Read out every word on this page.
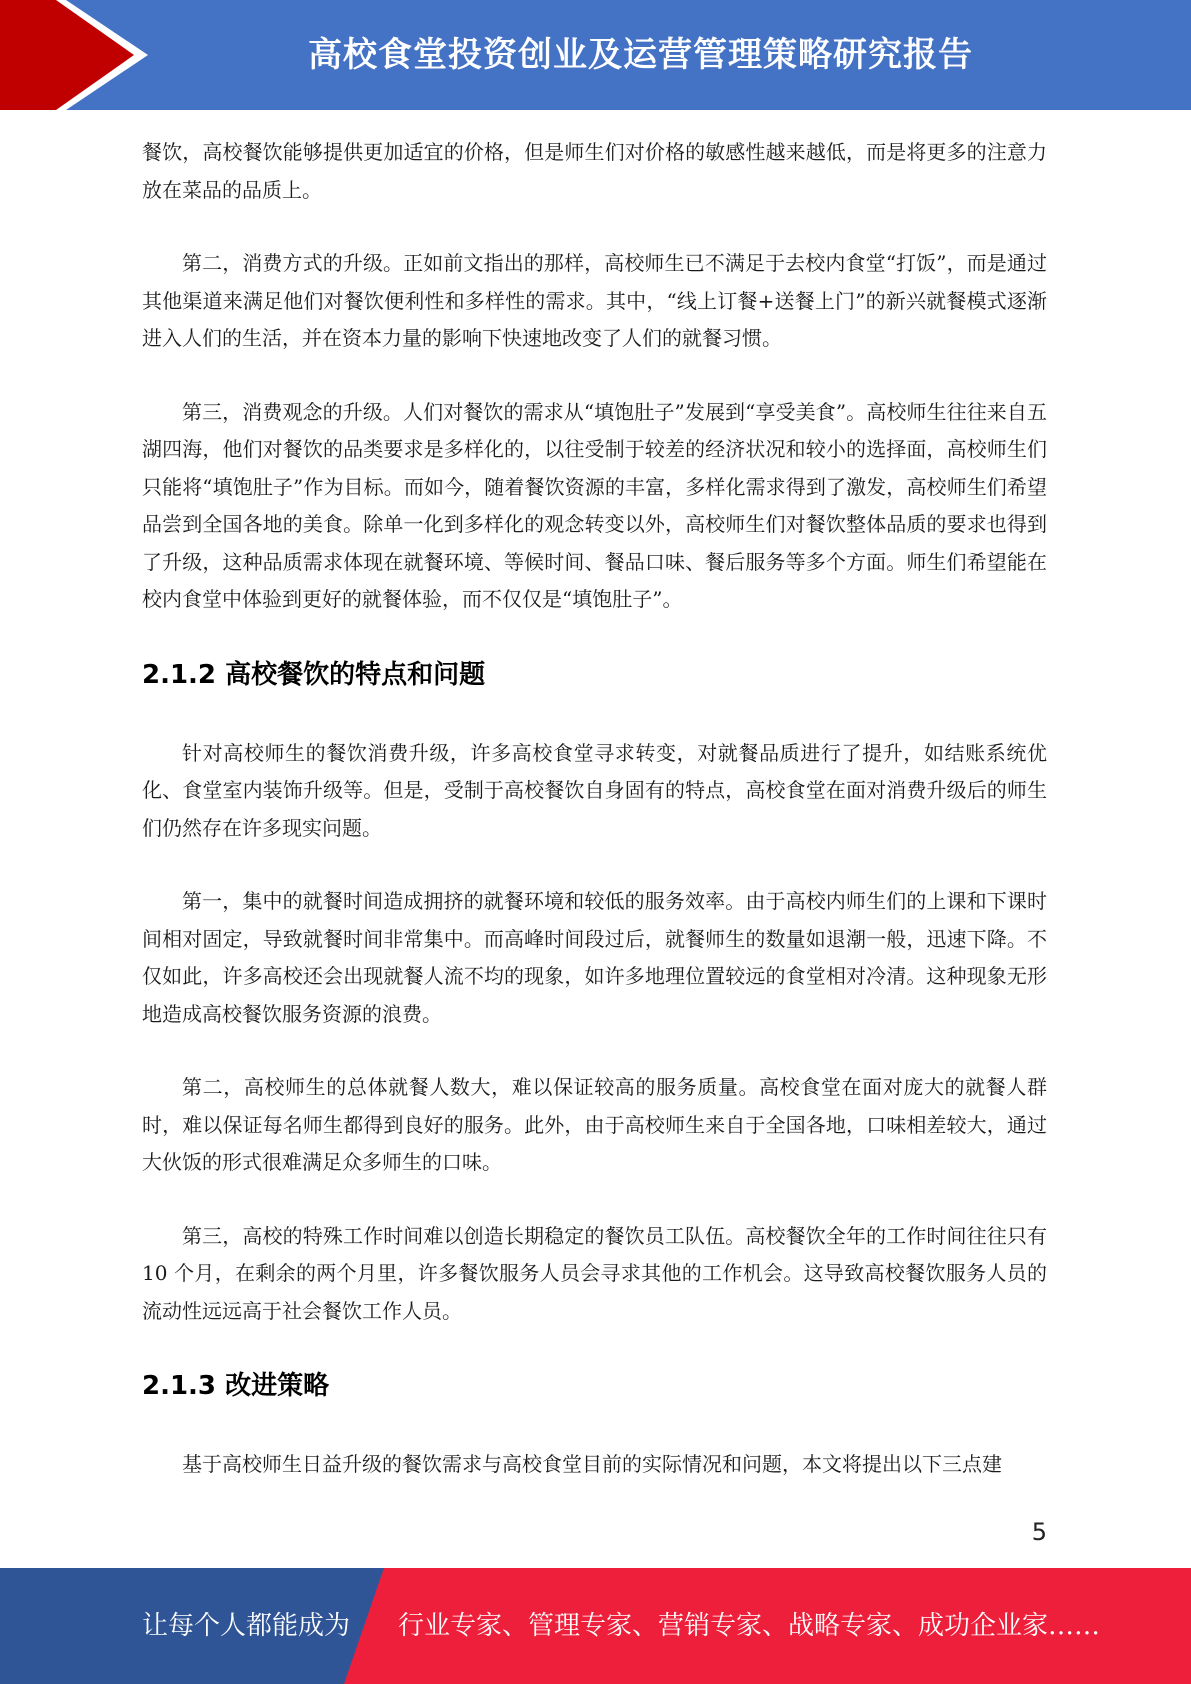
高校食堂投资创业及运营管理策略研究报告

餐饮，高校餐饮能够提供更加适宜的价格，但是师生们对价格的敏感性越来越低，而是将更多的注意力放在菜品的品质上。

第二，消费方式的升级。正如前文指出的那样，高校师生已不满足于去校内食堂“打饭”，而是通过其他渠道来满足他们对餐饮便利性和多样性的需求。其中，“线上订餐+送餐上门”的新兴就餐模式逐渐进入人们的生活，并在资本力量的影响下快速地改变了人们的就餐习惯。

第三，消费观念的升级。人们对餐饮的需求从“填饱肚子”发展到“享受美食”。高校师生往往来自五湖四海，他们对餐饮的品类要求是多样化的，以往受制于较差的经济状况和较小的选择面，高校师生们只能将“填饱肚子”作为目标。而如今，随着餐饮资源的丰富，多样化需求得到了激发，高校师生们希望品尝到全国各地的美食。除单一化到多样化的观念转变以外，高校师生们对餐饮整体品质的要求也得到了升级，这种品质需求体现在就餐环境、等候时间、餐品口味、餐后服务等多个方面。师生们希望能在校内食堂中体验到更好的就餐体验，而不仅仅是“填饱肚子”。

2.1.2 高校餐饮的特点和问题

针对高校师生的餐饮消费升级，许多高校食堂寻求转变，对就餐品质进行了提升，如结账系统优化、食堂室内装饰升级等。但是，受制于高校餐饮自身固有的特点，高校食堂在面对消费升级后的师生们仍然存在许多现实问题。

第一，集中的就餐时间造成拥挤的就餐环境和较低的服务效率。由于高校内师生们的上课和下课时间相对固定，导致就餐时间非常集中。而高峰时间段过后，就餐师生的数量如退潮一般，迅速下降。不仅如此，许多高校还会出现就餐人流不均的现象，如许多地理位置较远的食堂相对冷清。这种现象无形地造成高校餐饮服务资源的浪费。

第二，高校师生的总体就餐人数大，难以保证较高的服务质量。高校食堂在面对庞大的就餐人群时，难以保证每名师生都得到良好的服务。此外，由于高校师生来自于全国各地，口味相差较大，通过大伙饭的形式很难满足众多师生的口味。

第三，高校的特殊工作时间难以创造长期稳定的餐饮员工队伍。高校餐饮全年的工作时间往往只有 10 个月，在剩余的两个月里，许多餐饮服务人员会寻求其他的工作机会。这导致高校餐饮服务人员的流动性远远高于社会餐饮工作人员。

2.1.3 改进策略

基于高校师生日益升级的餐饮需求与高校食堂目前的实际情况和问题，本文将提出以下三点建

5
让每个人都能成为 行业专家、管理专家、营销专家、战略专家、成功企业家……
